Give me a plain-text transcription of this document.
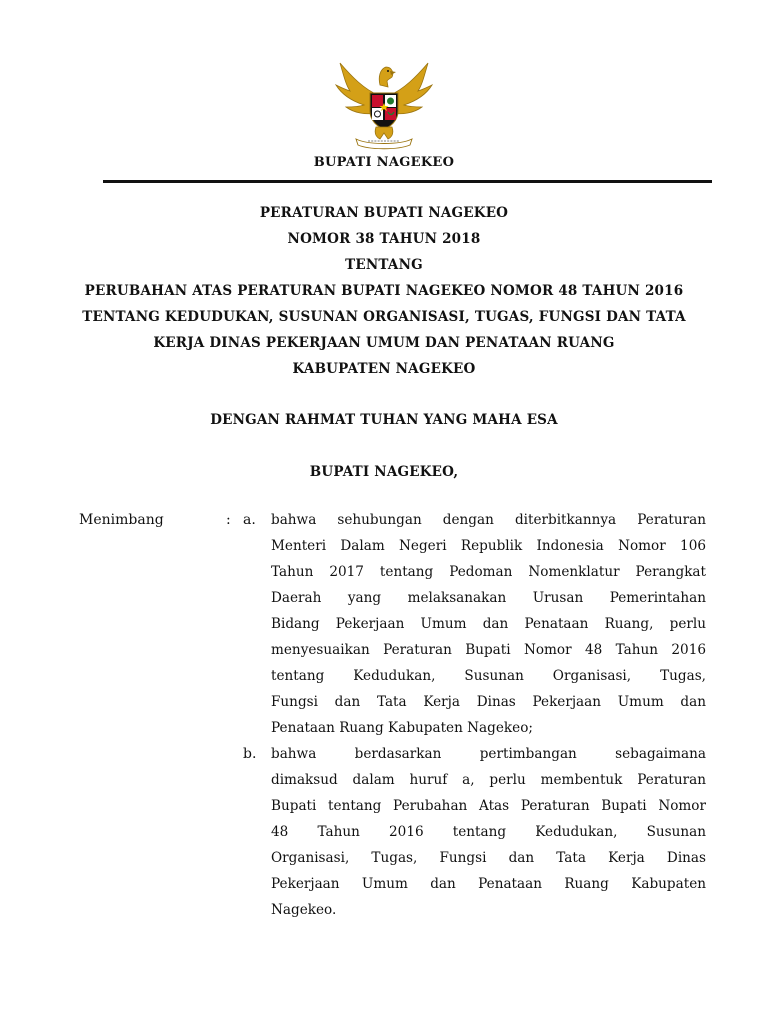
BUPATI NAGEKEO
PERATURAN BUPATI NAGEKEO
NOMOR 38 TAHUN 2018
TENTANG
PERUBAHAN ATAS PERATURAN BUPATI NAGEKEO NOMOR 48 TAHUN 2016
TENTANG KEDUDUKAN, SUSUNAN ORGANISASI, TUGAS, FUNGSI DAN TATA
KERJA DINAS PEKERJAAN UMUM DAN PENATAAN RUANG
KABUPATEN NAGEKEO
DENGAN RAHMAT TUHAN YANG MAHA ESA
BUPATI NAGEKEO,
Menimbang	: a. bahwa sehubungan dengan diterbitkannya Peraturan
Menteri Dalam Negeri Republik Indonesia Nomor 106
Tahun 2017 tentang Pedoman Nomenklatur Perangkat
Daerah yang melaksanakan Urusan Pemerintahan
Bidang Pekerjaan Umum dan Penataan Ruang, perlu
menyesuaikan Peraturan Bupati Nomor 48 Tahun 2016
tentang Kedudukan, Susunan Organisasi, Tugas,
Fungsi dan Tata Kerja Dinas Pekerjaan Umum dan
Penataan Ruang Kabupaten Nagekeo;
b. bahwa berdasarkan pertimbangan sebagaimana
dimaksud dalam huruf a, perlu membentuk Peraturan
Bupati tentang Perubahan Atas Peraturan Bupati Nomor
48 Tahun 2016 tentang Kedudukan, Susunan
Organisasi, Tugas, Fungsi dan Tata Kerja Dinas
Pekerjaan Umum dan Penataan Ruang Kabupaten
Nagekeo.
